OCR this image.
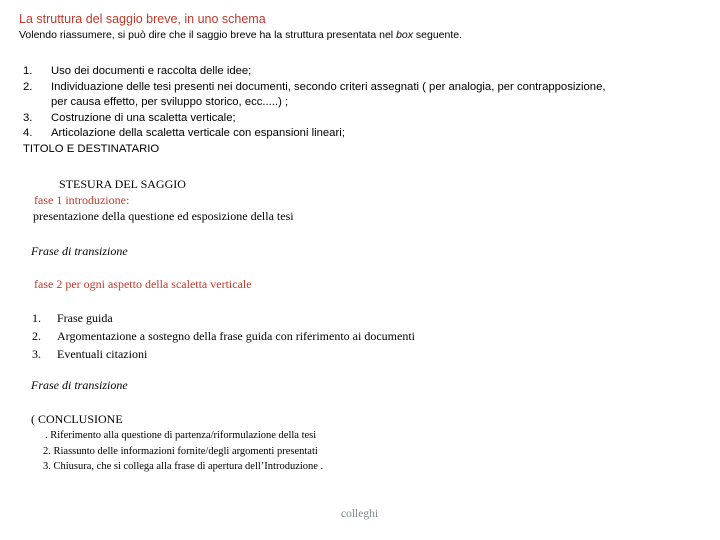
La struttura del saggio breve, in uno schema
Volendo riassumere, si può dire che il saggio breve ha la struttura presentata nel box seguente.
1.	Uso dei documenti e raccolta delle idee;
2.	Individuazione delle tesi presenti nei documenti, secondo criteri assegnati ( per analogia, per contrapposizione,
per causa effetto, per sviluppo storico, ecc.....) ;
3.	Costruzione di una scaletta verticale;
4.	Articolazione della scaletta verticale con espansioni lineari;
TITOLO E DESTINATARIO
STESURA DEL SAGGIO
fase 1 introduzione:
presentazione della questione ed esposizione della tesi
Frase di transizione
fase 2 per ogni aspetto della scaletta verticale
1.	Frase guida
2.	Argomentazione a sostegno della frase guida con riferimento ai documenti
3.	Eventuali citazioni
Frase di transizione
( CONCLUSIONE
. Riferimento alla questione di partenza/riformulazione della tesi
2. Riassunto delle informazioni fornite/degli argomenti presentati
3. Chiusura, che si collega alla frase di apertura dell’Introduzione .
colleghi
